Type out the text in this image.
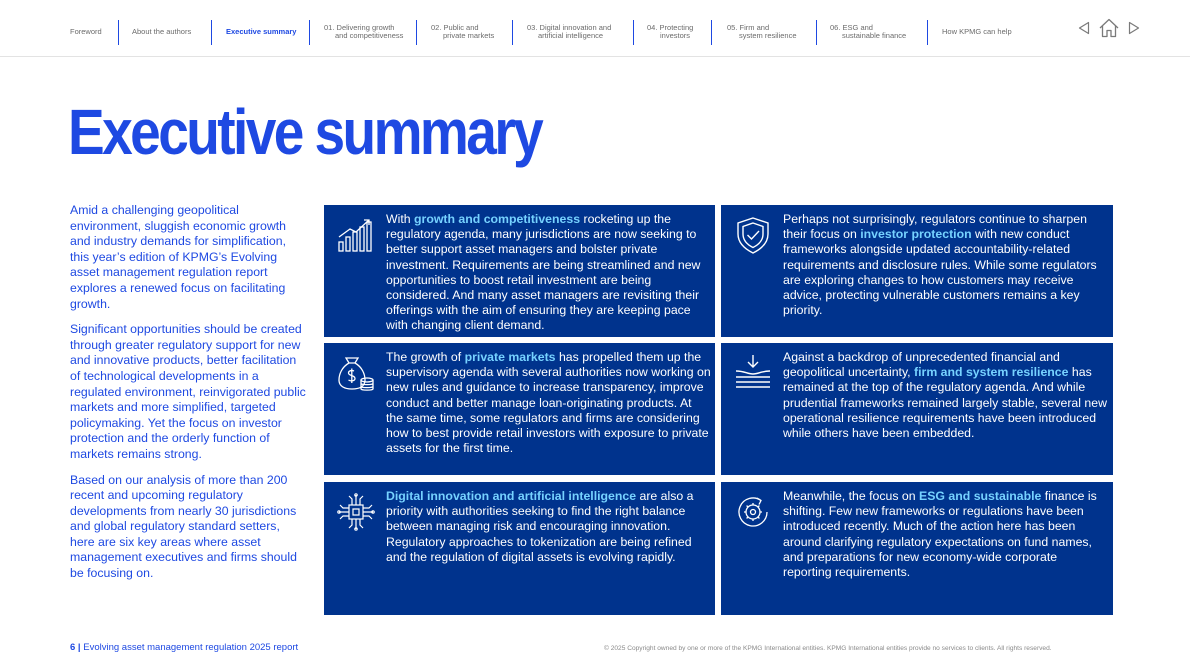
Foreword	About the authors	Executive summary	01. Delivering growth
and competitiveness
02. Public and
private markets
03. Digital innovation and
artificial intelligence
04. Protecting
investors
05. Firm and
system resilience
06. ESG and
sustainable finance	How KPMG can help
Executive summary

Amid a challenging geopolitical environment, sluggish economic growth and industry demands for simplification, this year’s edition of KPMG’s Evolving asset management regulation report explores a renewed focus on facilitating growth.

Significant opportunities should be created through greater regulatory support for new and innovative products, better facilitation of technological developments in a regulated environment, reinvigorated public markets and more simplified, targeted policymaking. Yet the focus on investor protection and the orderly function of markets remains strong.

Based on our analysis of more than 200 recent and upcoming regulatory developments from nearly 30 jurisdictions and global regulatory standard setters, here are six key areas where asset management executives and firms should be focusing on.

With growth and competitiveness rocketing up the regulatory agenda, many jurisdictions are now seeking to better support asset managers and bolster private investment. Requirements are being streamlined and new opportunities to boost retail investment are being considered. And many asset managers are revisiting their offerings with the aim of ensuring they are keeping pace with changing client demand.
Perhaps not surprisingly, regulators continue to sharpen their focus on investor protection with new conduct frameworks alongside updated accountability-related requirements and disclosure rules. While some regulators are exploring changes to how customers may receive advice, protecting vulnerable customers remains a key priority.
The growth of private markets has propelled them up the supervisory agenda with several authorities now working on new rules and guidance to increase transparency, improve conduct and better manage loan-originating products. At the same time, some regulators and firms are considering how to best provide retail investors with exposure to private assets for the first time.
Against a backdrop of unprecedented financial and geopolitical uncertainty, firm and system resilience has remained at the top of the regulatory agenda. And while prudential frameworks remained largely stable, several new operational resilience requirements have been introduced while others have been embedded.
Digital innovation and artificial intelligence are also a priority with authorities seeking to find the right balance between managing risk and encouraging innovation. Regulatory approaches to tokenization are being refined and the regulation of digital assets is evolving rapidly.
Meanwhile, the focus on ESG and sustainable finance is shifting. Few new frameworks or regulations have been introduced recently. Much of the action here has been around clarifying regulatory expectations on fund names, and preparations for new economy-wide corporate reporting requirements.
6 | Evolving asset management regulation 2025 report	© 2025 Copyright owned by one or more of the KPMG International entities. KPMG International entities provide no services to clients. All rights reserved.
